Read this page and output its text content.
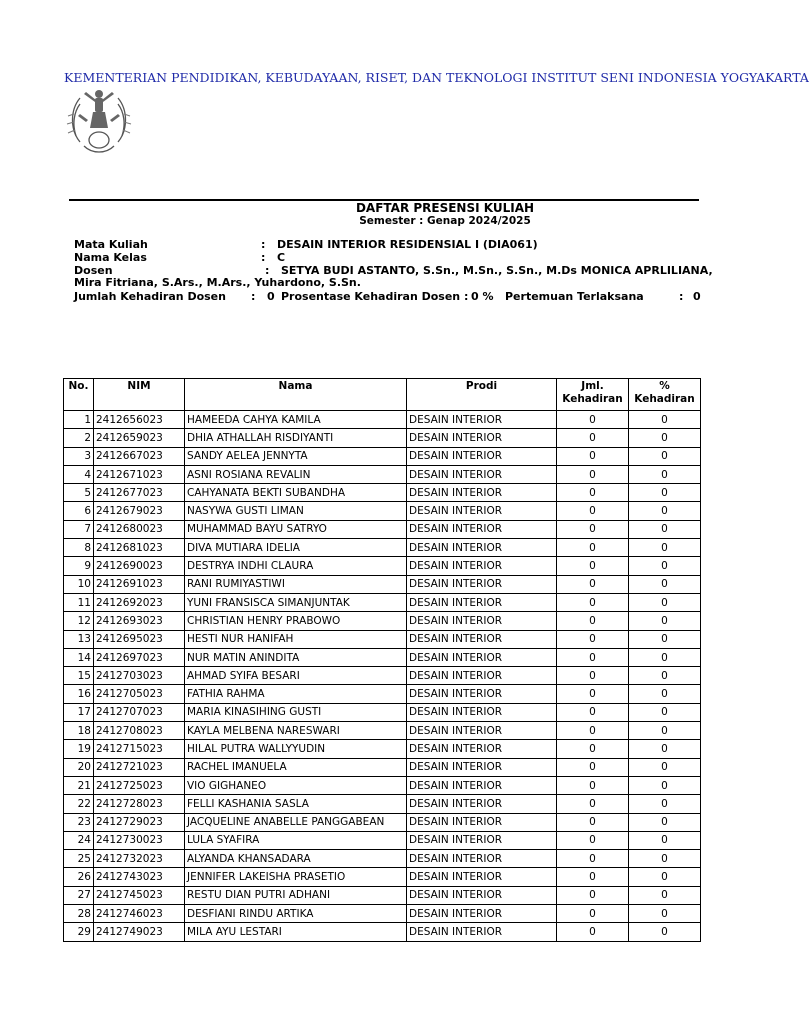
KEMENTERIAN PENDIDIKAN, KEBUDAYAAN, RISET, DAN TEKNOLOGI INSTITUT SENI INDONESIA YOGYAKARTA
DAFTAR PRESENSI KULIAH
Semester : Genap 2024/2025
Mata Kuliah	: DESAIN INTERIOR RESIDENSIAL I (DIA061)
Nama Kelas	: C
Dosen	: SETYA BUDI ASTANTO, S.Sn., M.Sn., S.Sn., M.Ds MONICA APRLILIANA,
Mira Fitriana, S.Ars., M.Ars., Yuhardono, S.Sn.
Jumlah Kehadiran Dosen : 0 Prosentase Kehadiran Dosen : 0 % Pertemuan Terlaksana	: 0
No.	NIM	Nama	Prodi	Jml. Kehadiran	% Kehadiran
1	2412656023	HAMEEDA CAHYA KAMILA	DESAIN INTERIOR	0	0
2	2412659023	DHIA ATHALLAH RISDIYANTI	DESAIN INTERIOR	0	0
3	2412667023	SANDY AELEA JENNYTA	DESAIN INTERIOR	0	0
4	2412671023	ASNI ROSIANA REVALIN	DESAIN INTERIOR	0	0
5	2412677023	CAHYANATA BEKTI SUBANDHA	DESAIN INTERIOR	0	0
6	2412679023	NASYWA GUSTI LIMAN	DESAIN INTERIOR	0	0
7	2412680023	MUHAMMAD BAYU SATRYO	DESAIN INTERIOR	0	0
8	2412681023	DIVA MUTIARA IDELIA	DESAIN INTERIOR	0	0
9	2412690023	DESTRYA INDHI CLAURA	DESAIN INTERIOR	0	0
10	2412691023	RANI RUMIYASTIWI	DESAIN INTERIOR	0	0
11	2412692023	YUNI FRANSISCA SIMANJUNTAK	DESAIN INTERIOR	0	0
12	2412693023	CHRISTIAN HENRY PRABOWO	DESAIN INTERIOR	0	0
13	2412695023	HESTI NUR HANIFAH	DESAIN INTERIOR	0	0
14	2412697023	NUR MATIN ANINDITA	DESAIN INTERIOR	0	0
15	2412703023	AHMAD SYIFA BESARI	DESAIN INTERIOR	0	0
16	2412705023	FATHIA RAHMA	DESAIN INTERIOR	0	0
17	2412707023	MARIA KINASIHING GUSTI	DESAIN INTERIOR	0	0
18	2412708023	KAYLA MELBENA NARESWARI	DESAIN INTERIOR	0	0
19	2412715023	HILAL PUTRA WALLYYUDIN	DESAIN INTERIOR	0	0
20	2412721023	RACHEL IMANUELA	DESAIN INTERIOR	0	0
21	2412725023	VIO GIGHANEO	DESAIN INTERIOR	0	0
22	2412728023	FELLI KASHANIA SASLA	DESAIN INTERIOR	0	0
23	2412729023	JACQUELINE ANABELLE PANGGABEAN	DESAIN INTERIOR	0	0
24	2412730023	LULA SYAFIRA	DESAIN INTERIOR	0	0
25	2412732023	ALYANDA KHANSADARA	DESAIN INTERIOR	0	0
26	2412743023	JENNIFER LAKEISHA PRASETIO	DESAIN INTERIOR	0	0
27	2412745023	RESTU DIAN PUTRI ADHANI	DESAIN INTERIOR	0	0
28	2412746023	DESFIANI RINDU ARTIKA	DESAIN INTERIOR	0	0
29	2412749023	MILA AYU LESTARI	DESAIN INTERIOR	0	0
